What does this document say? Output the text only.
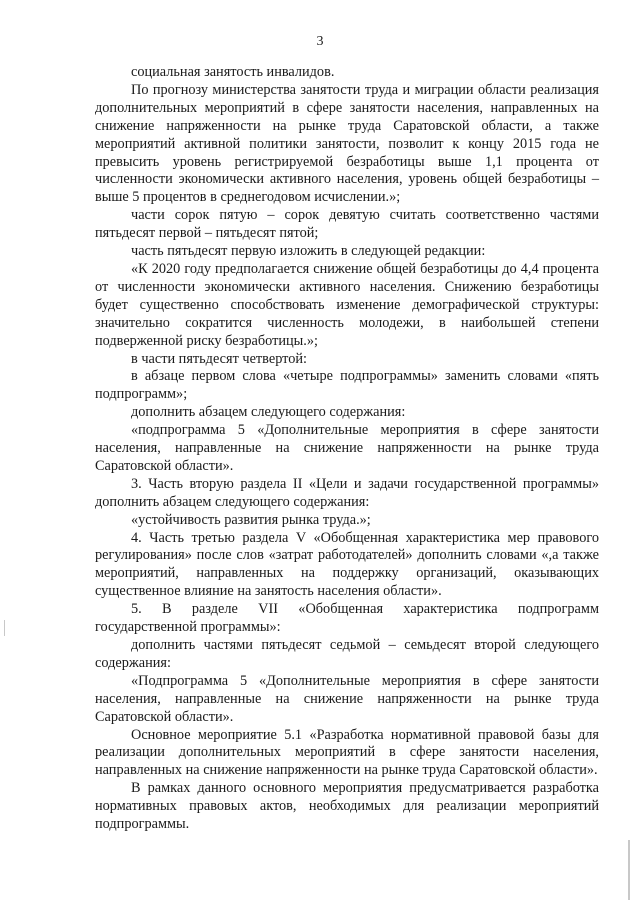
3

социальная занятость инвалидов.

По прогнозу министерства занятости труда и миграции области реализация дополнительных мероприятий в сфере занятости населения, направленных на снижение напряженности на рынке труда Саратовской области, а также мероприятий активной политики занятости, позволит к концу 2015 года не превысить уровень регистрируемой безработицы выше 1,1 процента от численности экономически активного населения, уровень общей безработицы – выше 5 процентов в среднегодовом исчислении.»;

части сорок пятую – сорок девятую считать соответственно частями пятьдесят первой – пятьдесят пятой;

часть пятьдесят первую изложить в следующей редакции:

«К 2020 году предполагается снижение общей безработицы до 4,4 процента от численности экономически активного населения. Снижению безработицы будет существенно способствовать изменение демографической структуры: значительно сократится численность молодежи, в наибольшей степени подверженной риску безработицы.»;

в части пятьдесят четвертой:

в абзаце первом слова «четыре подпрограммы» заменить словами «пять подпрограмм»;

дополнить абзацем следующего содержания:

«подпрограмма 5 «Дополнительные мероприятия в сфере занятости населения, направленные на снижение напряженности на рынке труда Саратовской области».

3. Часть вторую раздела II «Цели и задачи государственной программы» дополнить абзацем следующего содержания:

«устойчивость развития рынка труда.»;

4. Часть третью раздела V «Обобщенная характеристика мер правового регулирования» после слов «затрат работодателей» дополнить словами «,а также мероприятий, направленных на поддержку организаций, оказывающих существенное влияние на занятость населения области».

5. В разделе VII «Обобщенная характеристика подпрограмм государственной программы»:

дополнить частями пятьдесят седьмой – семьдесят второй следующего содержания:

«Подпрограмма 5 «Дополнительные мероприятия в сфере занятости населения, направленные на снижение напряженности на рынке труда Саратовской области».

Основное мероприятие 5.1 «Разработка нормативной правовой базы для реализации дополнительных мероприятий в сфере занятости населения, направленных на снижение напряженности на рынке труда Саратовской области».

В рамках данного основного мероприятия предусматривается разработка нормативных правовых актов, необходимых для реализации мероприятий подпрограммы.
